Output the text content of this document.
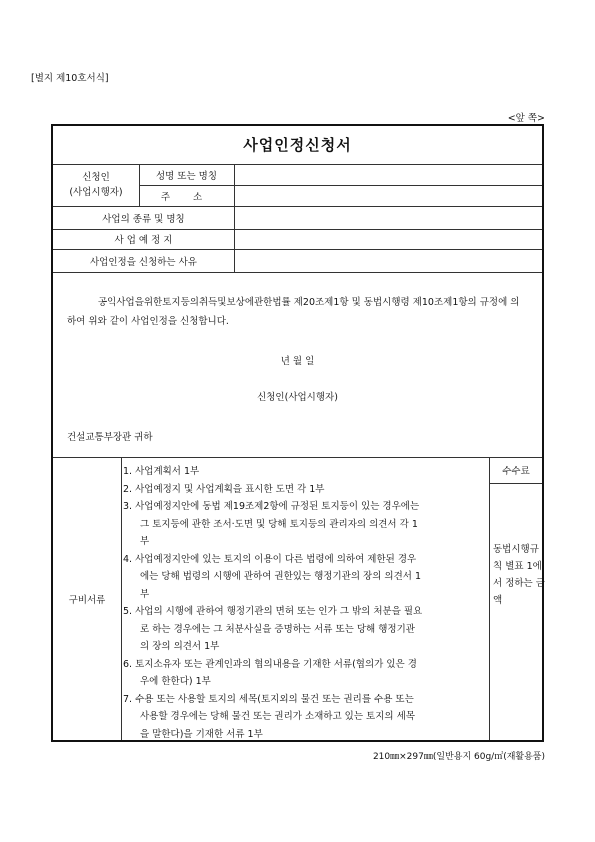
[별지 제10호서식]
<앞 쪽>
사업인정신청서
신청인
(사업시행자)
성명 또는 명칭
주 소
사업의 종류 및 명칭
사 업 예 정 지
사업인정을 신청하는 사유
공익사업을위한토지등의취득및보상에관한법률 제20조제1항 및 동법시행령 제10조제1항의 규정에 의하여 위와 같이 사업인정을 신청합니다.
년 월 일
신청인(사업시행자)
건설교통부장관 귀하
구비서류
1. 사업계획서 1부
2. 사업예정지 및 사업계획을 표시한 도면 각 1부
3. 사업예정지안에 동법 제19조제2항에 규정된 토지등이 있는 경우에는 그 토지등에 관한 조서·도면 및 당해 토지등의 관리자의 의견서 각 1부
4. 사업예정지안에 있는 토지의 이용이 다른 법령에 의하여 제한된 경우에는 당해 법령의 시행에 관하여 권한있는 행정기관의 장의 의견서 1부
5. 사업의 시행에 관하여 행정기관의 면허 또는 인가 그 밖의 처분을 필요로 하는 경우에는 그 처분사실을 증명하는 서류 또는 당해 행정기관의 장의 의견서 1부
6. 토지소유자 또는 관계인과의 협의내용을 기재한 서류(협의가 있은 경우에 한한다) 1부
7. 수용 또는 사용할 토지의 세목(토지외의 물건 또는 권리를 수용 또는 사용할 경우에는 당해 물건 또는 권리가 소재하고 있는 토지의 세목을 말한다)을 기재한 서류 1부
수수료
동법시행규칙 별표 1에서 정하는 금액
210㎜×297㎜(일반용지 60g/㎡(재활용품)
